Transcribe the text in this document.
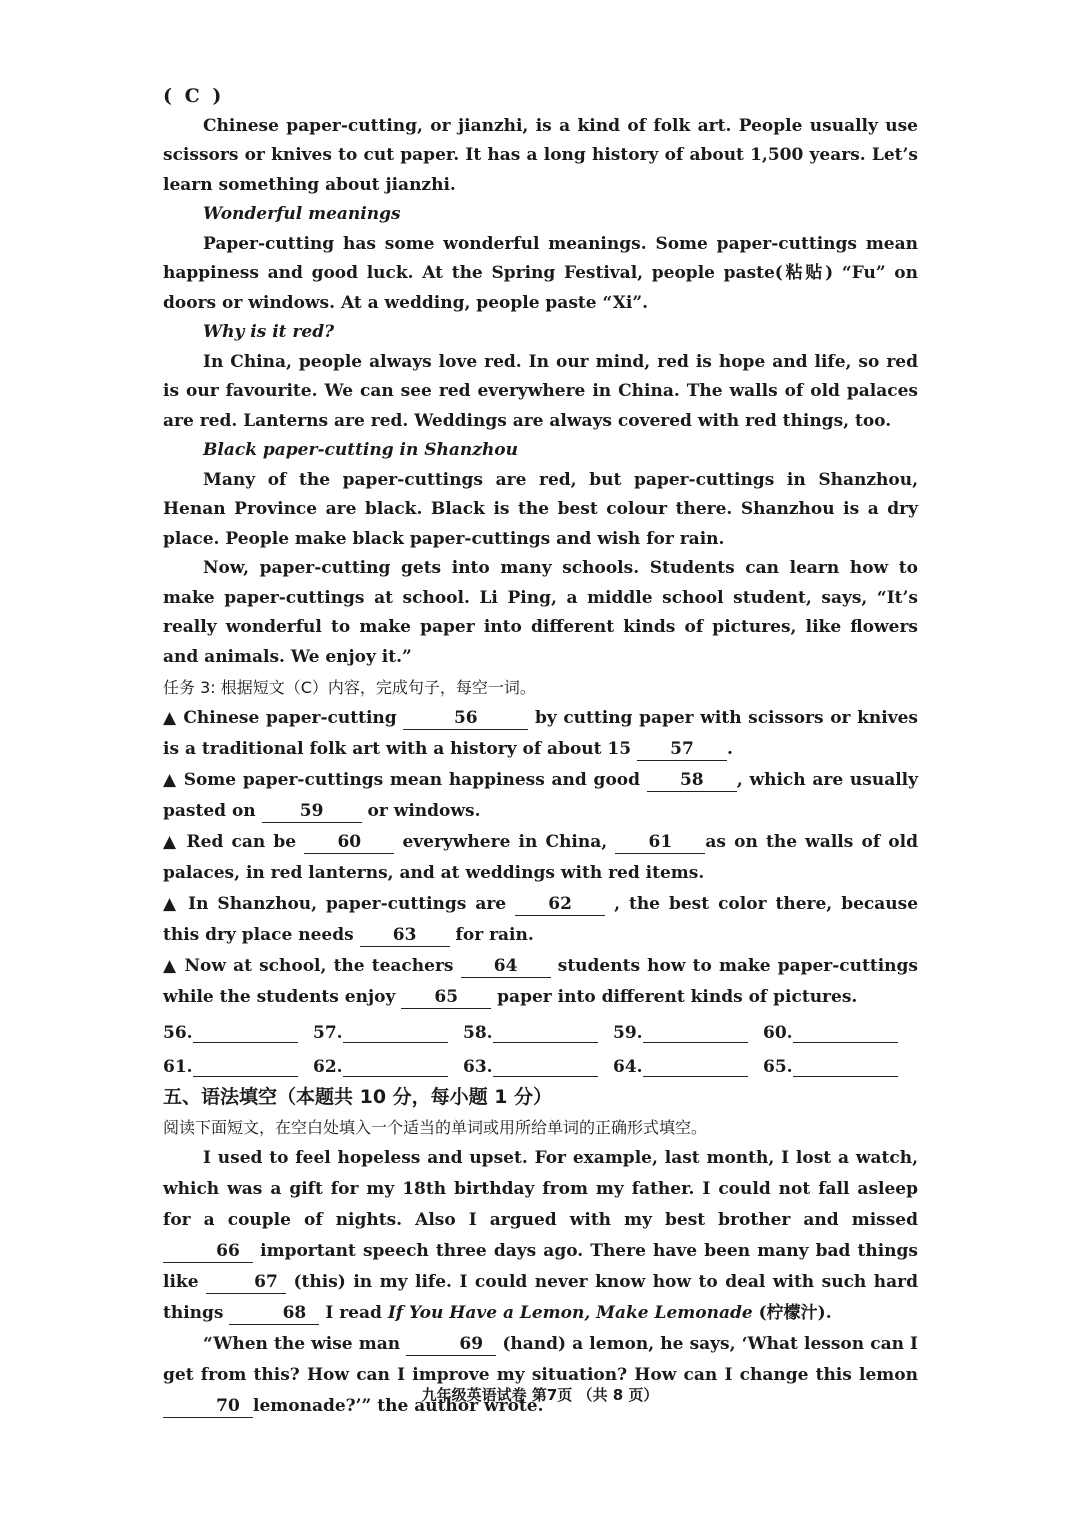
( C )

Chinese paper-cutting, or jianzhi, is a kind of folk art. People usually use scissors or knives to cut paper. It has a long history of about 1,500 years. Let’s learn something about jianzhi.

Wonderful meanings

Paper-cutting has some wonderful meanings. Some paper-cuttings mean happiness and good luck. At the Spring Festival, people paste(粘贴) “Fu” on doors or windows. At a wedding, people paste “Xi”.

Why is it red?

In China, people always love red. In our mind, red is hope and life, so red is our favourite. We can see red everywhere in China. The walls of old palaces are red. Lanterns are red. Weddings are always covered with red things, too.

Black paper-cutting in Shanzhou

Many of the paper-cuttings are red, but paper-cuttings in Shanzhou, Henan Province are black. Black is the best colour there. Shanzhou is a dry place. People make black paper-cuttings and wish for rain.

Now, paper-cutting gets into many schools. Students can learn how to make paper-cuttings at school. Li Ping, a middle school student, says, “It’s really wonderful to make paper into different kinds of pictures, like flowers and animals. We enjoy it.”

任务 3: 根据短文（C）内容，完成句子，每空一词。

▲ Chinese paper-cutting	56	by cutting paper with scissors or knives is a traditional folk art with a history of about 15 57 .

▲ Some paper-cuttings mean happiness and good 58 , which are usually pasted on	59	or windows.

▲ Red can be 60 everywhere in China, 61 as on the walls of old palaces, in red lanterns, and at weddings with red items.

▲ In Shanzhou, paper-cuttings are 62 , the best color there, because this dry place needs 63 for rain.

▲ Now at school, the teachers 64 students how to make paper-cuttings while the students enjoy 65 paper into different kinds of pictures.

56.	57.	58.	59.	60.
61.	62.	63.	64.	65.

五、语法填空（本题共 10 分，每小题 1 分）

阅读下面短文，在空白处填入一个适当的单词或用所给单词的正确形式填空。

I used to feel hopeless and upset. For example, last month, I lost a watch, which was a gift for my 18th birthday from my father. I could not fall asleep for a couple of nights. Also I argued with my best brother and missed 66 important speech three days ago. There have been many bad things like	67 (this) in my life. I could never know how to deal with such hard things	68 I read If You Have a Lemon, Make Lemonade (柠檬汁).

“When the wise man	69 (hand) a lemon, he says, ‘What lesson can I get from this? How can I improve my situation? How can I change this lemon 70 lemonade?’” the author wrote.

九年级英语试卷 第7页 （共 8 页）
